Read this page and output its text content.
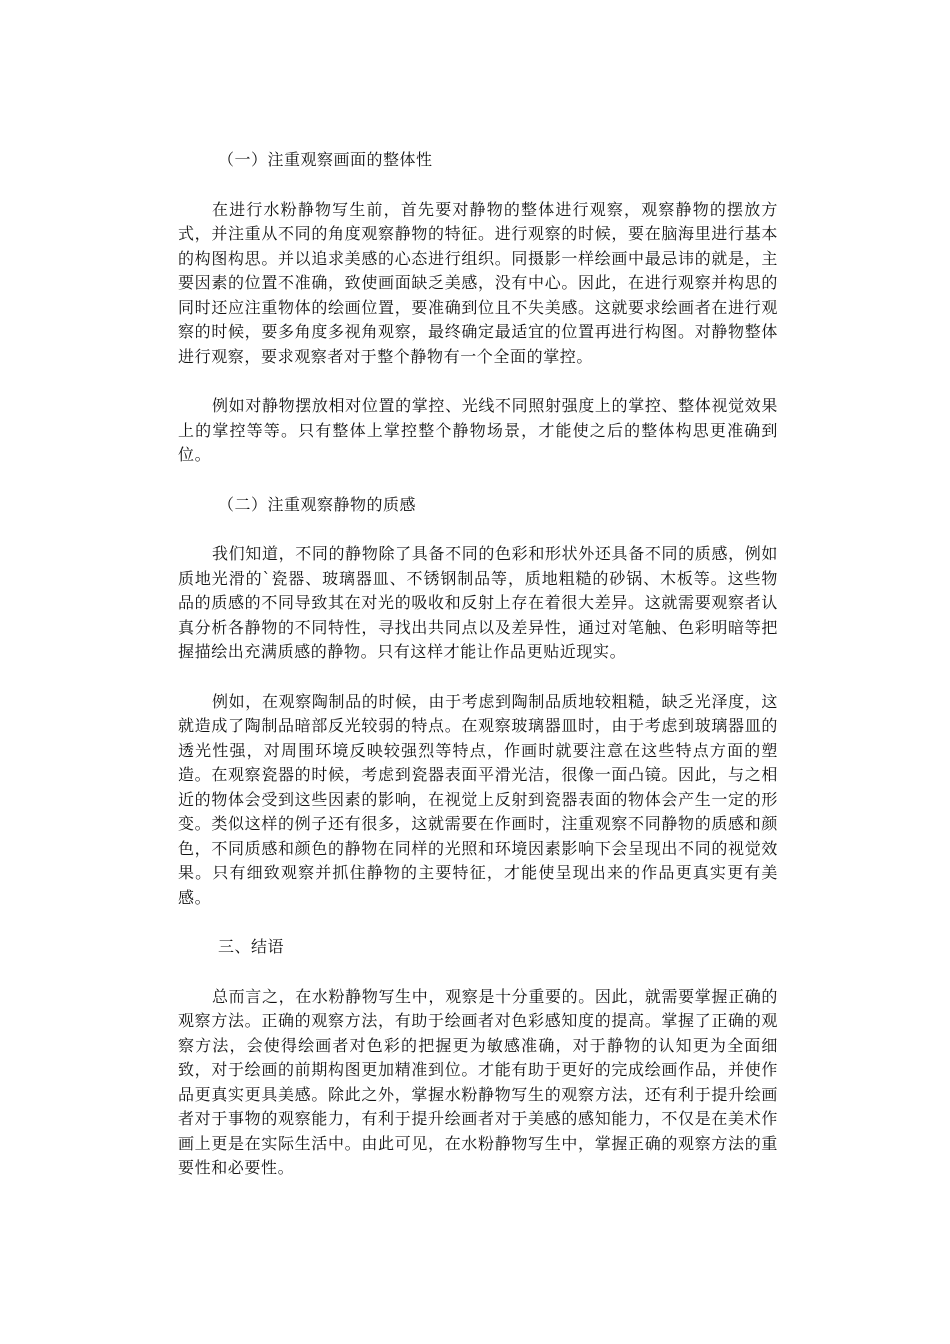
（一）注重观察画面的整体性

在进行水粉静物写生前，首先要对静物的整体进行观察，观察静物的摆放方式，并注重从不同的角度观察静物的特征。进行观察的时候，要在脑海里进行基本的构图构思。并以追求美感的心态进行组织。同摄影一样绘画中最忌讳的就是，主要因素的位置不准确，致使画面缺乏美感，没有中心。因此，在进行观察并构思的同时还应注重物体的绘画位置，要准确到位且不失美感。这就要求绘画者在进行观察的时候，要多角度多视角观察，最终确定最适宜的位置再进行构图。对静物整体进行观察，要求观察者对于整个静物有一个全面的掌控。

例如对静物摆放相对位置的掌控、光线不同照射强度上的掌控、整体视觉效果上的掌控等等。只有整体上掌控整个静物场景，才能使之后的整体构思更准确到位。

（二）注重观察静物的质感

我们知道，不同的静物除了具备不同的色彩和形状外还具备不同的质感，例如质地光滑的`瓷器、玻璃器皿、不锈钢制品等，质地粗糙的砂锅、木板等。这些物品的质感的不同导致其在对光的吸收和反射上存在着很大差异。这就需要观察者认真分析各静物的不同特性，寻找出共同点以及差异性，通过对笔触、色彩明暗等把握描绘出充满质感的静物。只有这样才能让作品更贴近现实。

例如，在观察陶制品的时候，由于考虑到陶制品质地较粗糙，缺乏光泽度，这就造成了陶制品暗部反光较弱的特点。在观察玻璃器皿时，由于考虑到玻璃器皿的透光性强，对周围环境反映较强烈等特点，作画时就要注意在这些特点方面的塑造。在观察瓷器的时候，考虑到瓷器表面平滑光洁，很像一面凸镜。因此，与之相近的物体会受到这些因素的影响，在视觉上反射到瓷器表面的物体会产生一定的形变。类似这样的例子还有很多，这就需要在作画时，注重观察不同静物的质感和颜色，不同质感和颜色的静物在同样的光照和环境因素影响下会呈现出不同的视觉效果。只有细致观察并抓住静物的主要特征，才能使呈现出来的作品更真实更有美感。

三、结语

总而言之，在水粉静物写生中，观察是十分重要的。因此，就需要掌握正确的观察方法。正确的观察方法，有助于绘画者对色彩感知度的提高。掌握了正确的观察方法，会使得绘画者对色彩的把握更为敏感准确，对于静物的认知更为全面细致，对于绘画的前期构图更加精准到位。才能有助于更好的完成绘画作品，并使作品更真实更具美感。除此之外，掌握水粉静物写生的观察方法，还有利于提升绘画者对于事物的观察能力，有利于提升绘画者对于美感的感知能力，不仅是在美术作画上更是在实际生活中。由此可见，在水粉静物写生中，掌握正确的观察方法的重要性和必要性。
